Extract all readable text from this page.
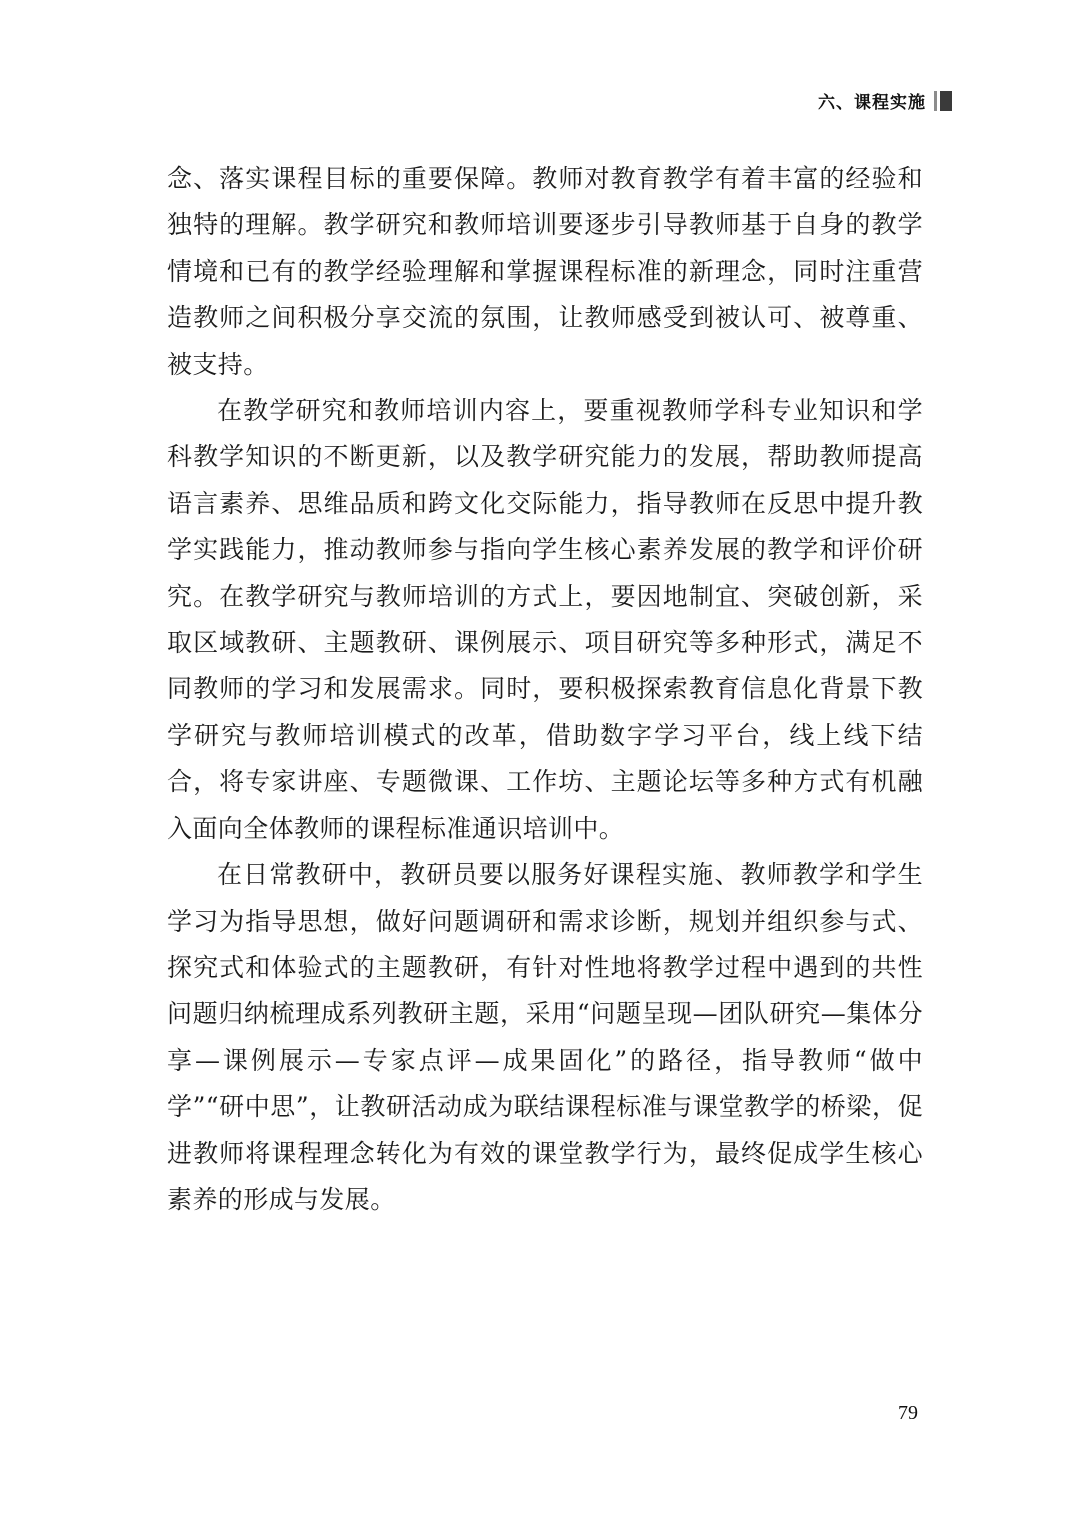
六、课程实施

念、落实课程目标的重要保障。教师对教育教学有着丰富的经验和独特的理解。教学研究和教师培训要逐步引导教师基于自身的教学情境和已有的教学经验理解和掌握课程标准的新理念，同时注重营造教师之间积极分享交流的氛围，让教师感受到被认可、被尊重、被支持。

在教学研究和教师培训内容上，要重视教师学科专业知识和学科教学知识的不断更新，以及教学研究能力的发展，帮助教师提高语言素养、思维品质和跨文化交际能力，指导教师在反思中提升教学实践能力，推动教师参与指向学生核心素养发展的教学和评价研究。在教学研究与教师培训的方式上，要因地制宜、突破创新，采取区域教研、主题教研、课例展示、项目研究等多种形式，满足不同教师的学习和发展需求。同时，要积极探索教育信息化背景下教学研究与教师培训模式的改革，借助数字学习平台，线上线下结合，将专家讲座、专题微课、工作坊、主题论坛等多种方式有机融入面向全体教师的课程标准通识培训中。

在日常教研中，教研员要以服务好课程实施、教师教学和学生学习为指导思想，做好问题调研和需求诊断，规划并组织参与式、探究式和体验式的主题教研，有针对性地将教学过程中遇到的共性问题归纳梳理成系列教研主题，采用“问题呈现—团队研究—集体分享—课例展示—专家点评—成果固化”的路径，指导教师“做中学”“研中思”，让教研活动成为联结课程标准与课堂教学的桥梁，促进教师将课程理念转化为有效的课堂教学行为，最终促成学生核心素养的形成与发展。

79
